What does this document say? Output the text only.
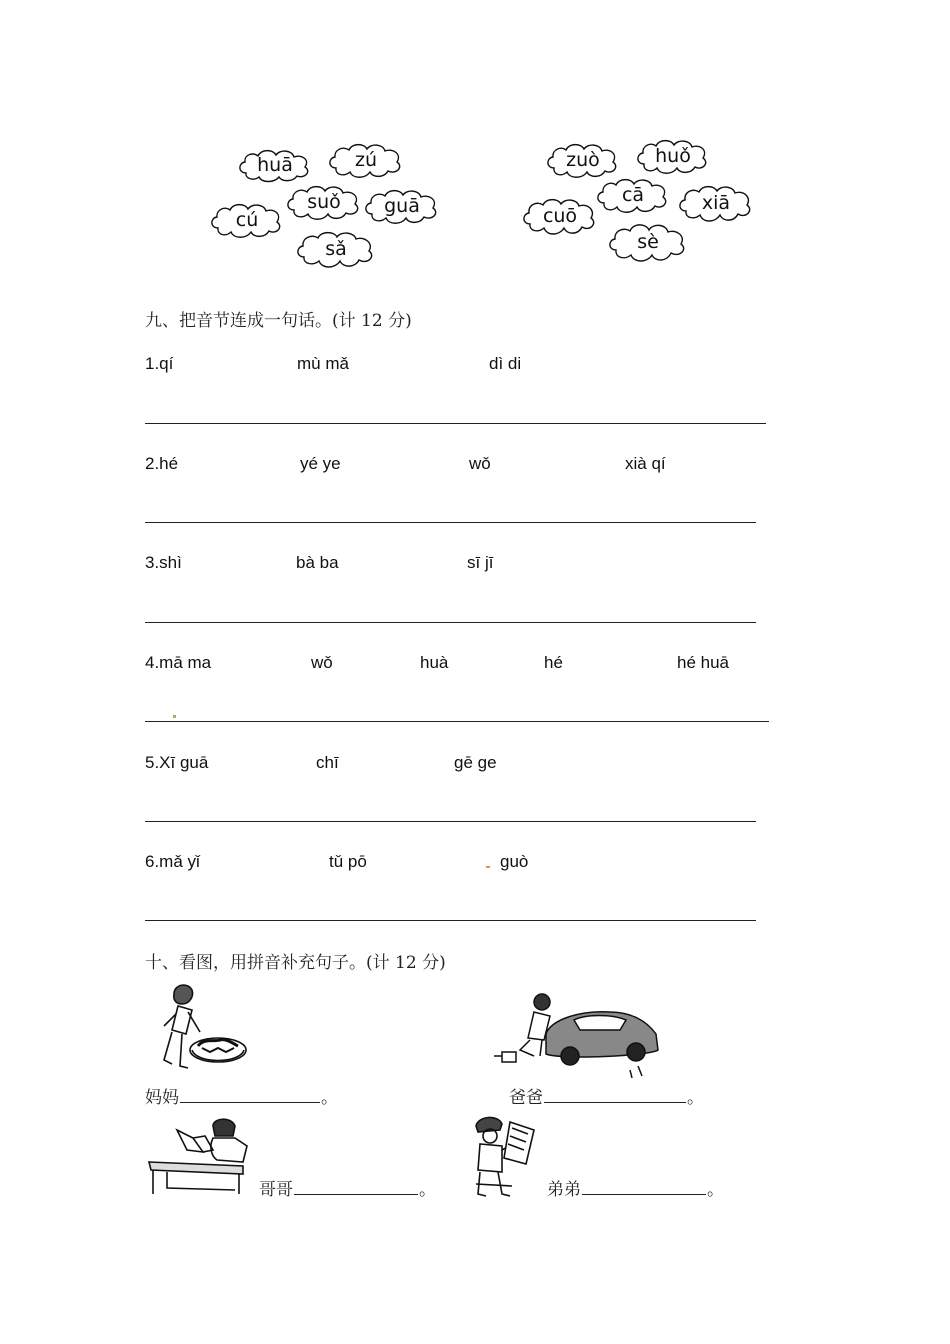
huā	zú
suǒ	guā
cú
sǎ
zuò	huǒ
cā	xiā
cuō
sè
九、把音节连成一句话。(计 12 分)
1.qí	mù mǎ	dì di
2.hé	yé ye	wǒ	xià qí
3.shì	bà ba	sī jī
4.mā ma	wǒ	huà	hé	hé huā
5.Xī guā	chī	gē ge
6.mǎ yǐ	tǔ pō	guò
十、看图，用拼音补充句子。(计 12 分)
妈妈	。	爸爸	。
哥哥	。	弟弟	。
